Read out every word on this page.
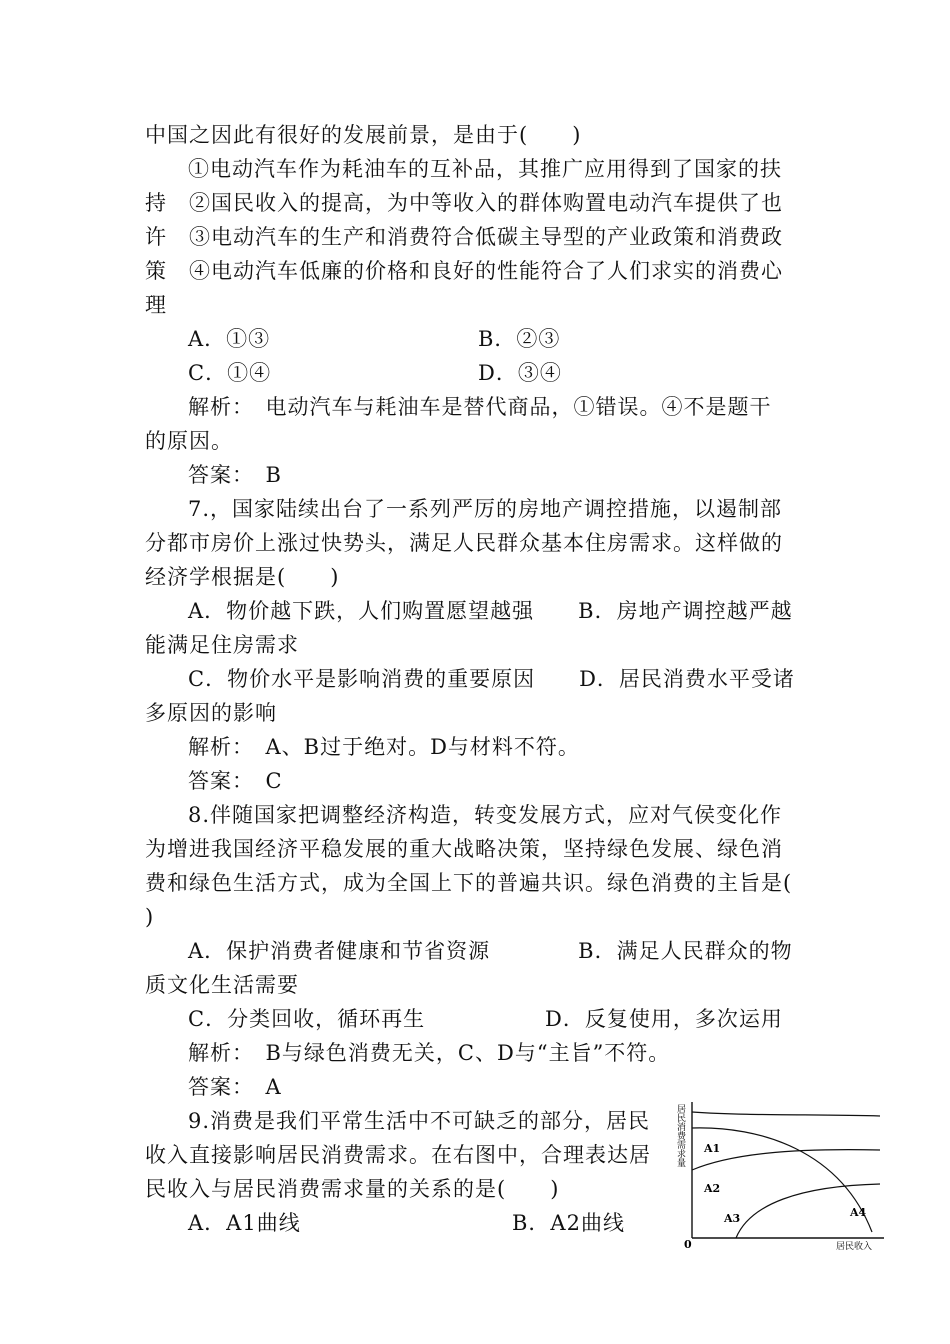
中国之因此有很好的发展前景，是由于(　　)
①电动汽车作为耗油车的互补品，其推广应用得到了国家的扶
持　②国民收入的提高，为中等收入的群体购置电动汽车提供了也
许　③电动汽车的生产和消费符合低碳主导型的产业政策和消费政
策　④电动汽车低廉的价格和良好的性能符合了人们求实的消费心
理
A．①③	B．②③
C．①④	D．③④
解析：　电动汽车与耗油车是替代商品，①错误。④不是题干
的原因。
答案：　B
7.，国家陆续出台了一系列严厉的房地产调控措施，以遏制部
分都市房价上涨过快势头，满足人民群众基本住房需求。这样做的
经济学根据是(　　)
A．物价越下跌，人们购置愿望越强　　B．房地产调控越严越
能满足住房需求
C．物价水平是影响消费的重要原因　　D．居民消费水平受诸
多原因的影响
解析：　A、B过于绝对。D与材料不符。
答案：　C
8.伴随国家把调整经济构造，转变发展方式，应对气侯变化作
为增进我国经济平稳发展的重大战略决策，坚持绿色发展、绿色消
费和绿色生活方式，成为全国上下的普遍共识。绿色消费的主旨是(
)
A．保护消费者健康和节省资源　　　　B．满足人民群众的物
质文化生活需要
C．分类回收，循环再生	D．反复使用，多次运用
解析：　B与绿色消费无关，C、D与“主旨”不符。
答案：　A
9.消费是我们平常生活中不可缺乏的部分，居民
收入直接影响居民消费需求。在右图中，合理表达居
民收入与居民消费需求量的关系的是(　　)
A．A1曲线	B．A2曲线
居民消费需求量
0	居民收入
A1
A2
A3	A4
